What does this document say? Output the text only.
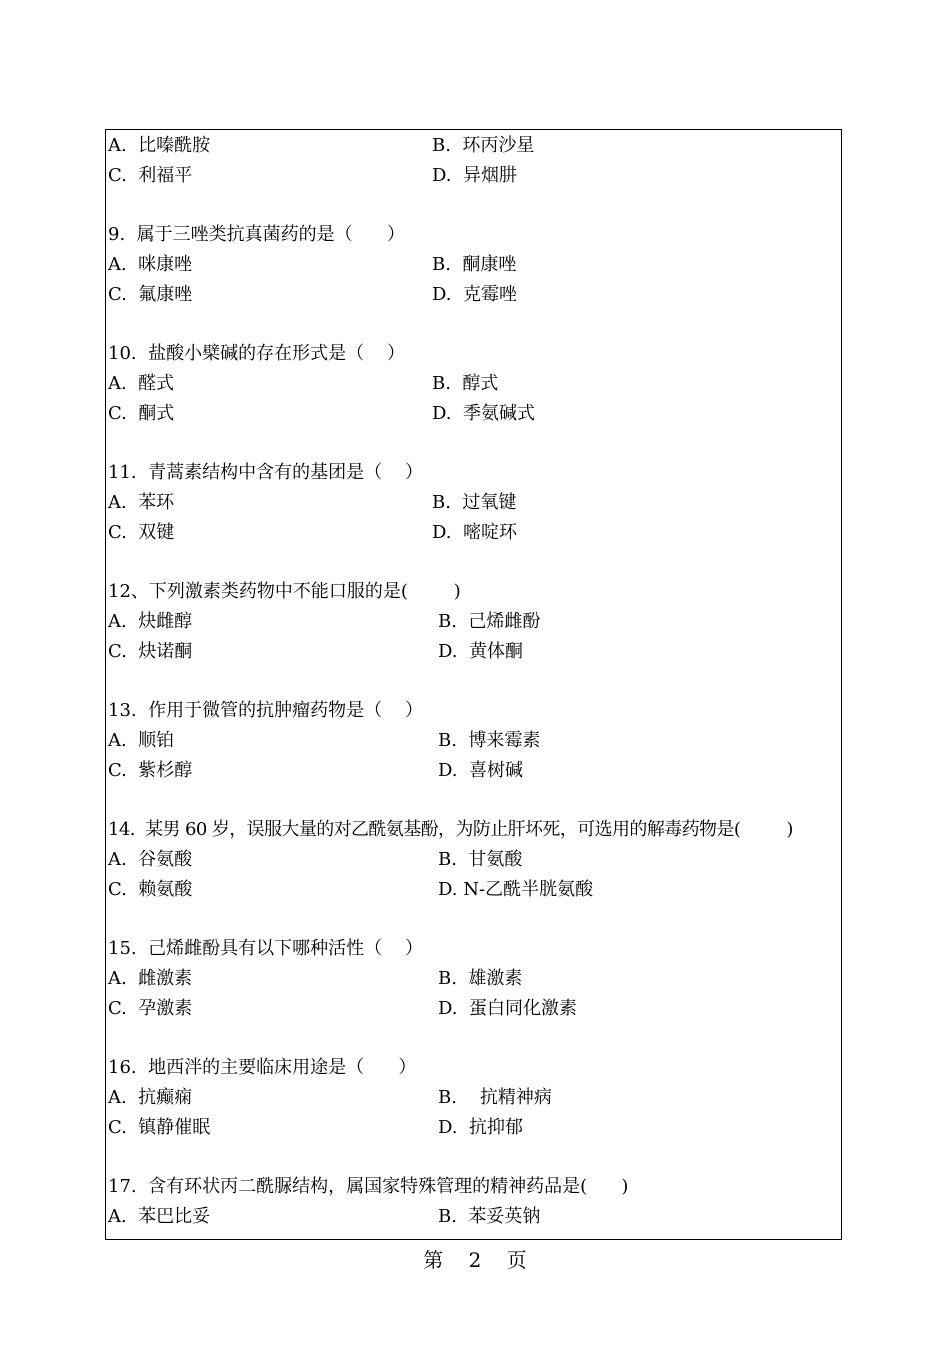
A.  比嗪酰胺	B.  环丙沙星
C.  利福平	D.  异烟肼
9.  属于三唑类抗真菌药的是（      ）
A.  咪康唑	B.  酮康唑
C.  氟康唑	D.  克霉唑
10.  盐酸小檗碱的存在形式是（    ）
A.  醛式	B.  醇式
C.  酮式	D.  季氨碱式
11.  青蒿素结构中含有的基团是（    ）
A.  苯环	B.  过氧键
C.  双键	D.  嘧啶环
12、下列激素类药物中不能口服的是(        )
A.  炔雌醇	B.  己烯雌酚
C.  炔诺酮	D.  黄体酮
13.  作用于微管的抗肿瘤药物是（    ）
A.  顺铂	B.  博来霉素
C.  紫杉醇	D.  喜树碱
14.  某男 60 岁，误服大量的对乙酰氨基酚，为防止肝坏死，可选用的解毒药物是(         )
A.  谷氨酸	B.  甘氨酸
C.  赖氨酸	D. N-乙酰半胱氨酸
15.  己烯雌酚具有以下哪种活性（    ）
A.  雌激素	B.  雄激素
C.  孕激素	D.  蛋白同化激素
16.  地西泮的主要临床用途是（      ）
A.  抗癫痫	B.    抗精神病
C.  镇静催眠	D.  抗抑郁
17.  含有环状丙二酰脲结构，属国家特殊管理的精神药品是(      )
A.  苯巴比妥	B.  苯妥英钠
第    2    页
